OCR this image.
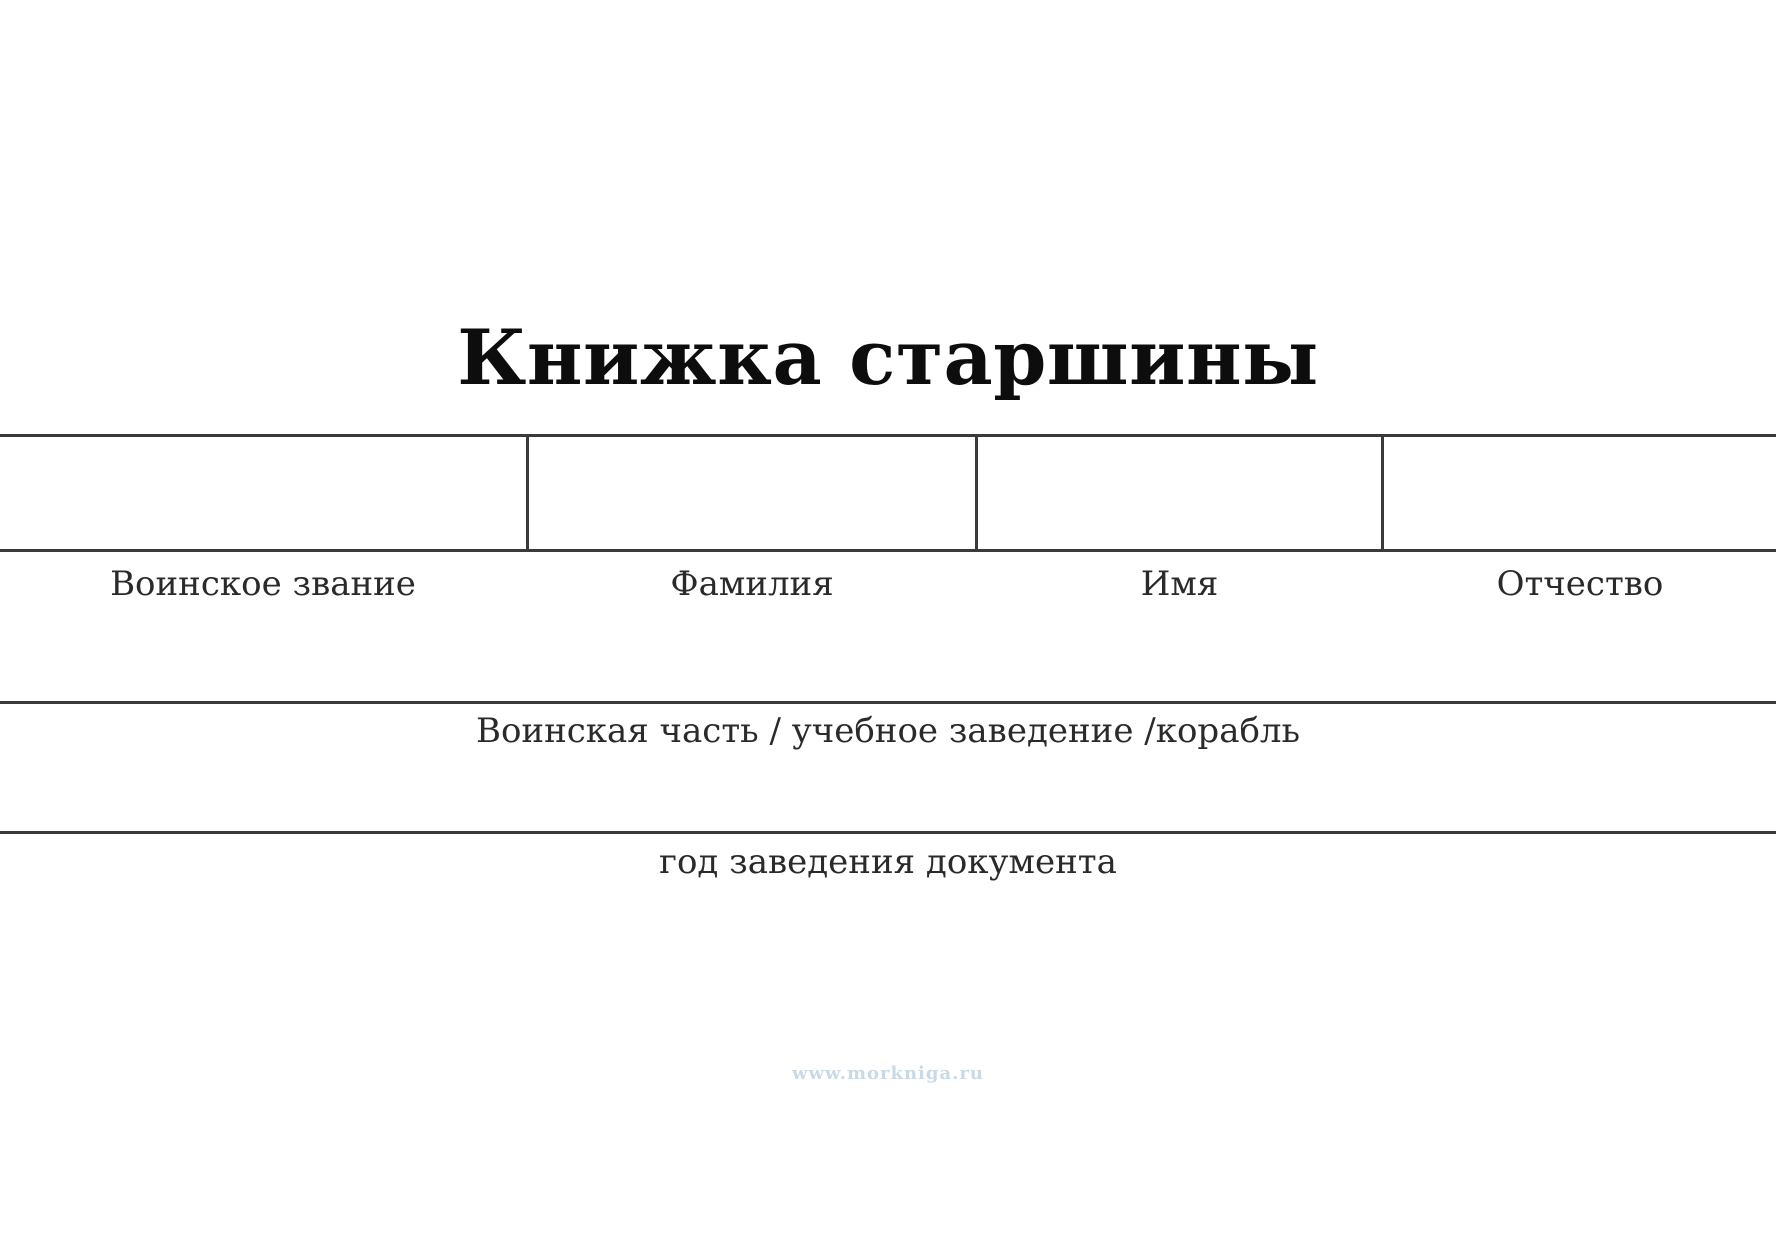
Книжка старшины
Воинское звание	Фамилия	Имя	Отчество
Воинская часть / учебное заведение /корабль
год заведения документа
www.morkniga.ru
